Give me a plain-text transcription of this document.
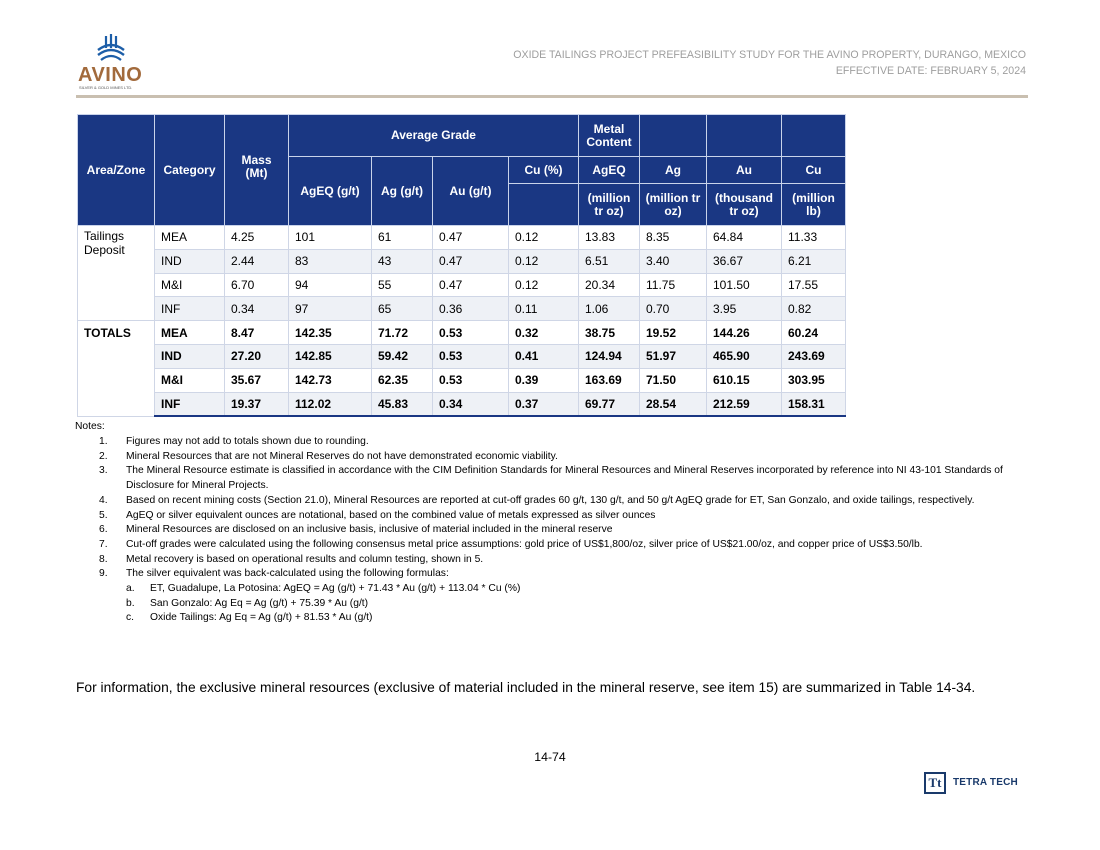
AVINO
SILVER & GOLD MINES LTD.
OXIDE TAILINGS PROJECT PREFEASIBILITY STUDY FOR THE AVINO PROPERTY, DURANGO, MEXICO
EFFECTIVE DATE: FEBRUARY 5, 2024
Area/Zone	Category	Mass (Mt)	Average Grade				Metal Content			
			AgEQ (g/t)	Ag (g/t)	Au (g/t)	Cu (%)	AgEQ	Ag	Au	Cu
							(million tr oz)	(million tr oz)	(thousand tr oz)	(million lb)
Tailings Deposit	MEA	4.25	101	61	0.47	0.12	13.83	8.35	64.84	11.33
	IND	2.44	83	43	0.47	0.12	6.51	3.40	36.67	6.21
	M&I	6.70	94	55	0.47	0.12	20.34	11.75	101.50	17.55
	INF	0.34	97	65	0.36	0.11	1.06	0.70	3.95	0.82
TOTALS	MEA	8.47	142.35	71.72	0.53	0.32	38.75	19.52	144.26	60.24
	IND	27.20	142.85	59.42	0.53	0.41	124.94	51.97	465.90	243.69
	M&I	35.67	142.73	62.35	0.53	0.39	163.69	71.50	610.15	303.95
	INF	19.37	112.02	45.83	0.34	0.37	69.77	28.54	212.59	158.31
Notes:
1. Figures may not add to totals shown due to rounding.
2. Mineral Resources that are not Mineral Reserves do not have demonstrated economic viability.
3. The Mineral Resource estimate is classified in accordance with the CIM Definition Standards for Mineral Resources and Mineral Reserves incorporated by reference into NI 43-101 Standards of Disclosure for Mineral Projects.
4. Based on recent mining costs (Section 21.0), Mineral Resources are reported at cut-off grades 60 g/t, 130 g/t, and 50 g/t AgEQ grade for ET, San Gonzalo, and oxide tailings, respectively.
5. AgEQ or silver equivalent ounces are notational, based on the combined value of metals expressed as silver ounces
6. Mineral Resources are disclosed on an inclusive basis, inclusive of material included in the mineral reserve
7. Cut-off grades were calculated using the following consensus metal price assumptions: gold price of US$1,800/oz, silver price of US$21.00/oz, and copper price of US$3.50/lb.
8. Metal recovery is based on operational results and column testing, shown in 5.
9. The silver equivalent was back-calculated using the following formulas:
a. ET, Guadalupe, La Potosina: AgEQ = Ag (g/t) + 71.43 * Au (g/t) + 113.04 * Cu (%)
b. San Gonzalo: Ag Eq = Ag (g/t) + 75.39 * Au (g/t)
c. Oxide Tailings: Ag Eq = Ag (g/t) + 81.53 * Au (g/t)
For information, the exclusive mineral resources (exclusive of material included in the mineral reserve, see item 15) are summarized in Table 14-34.
14-74
Tt	TETRA TECH
